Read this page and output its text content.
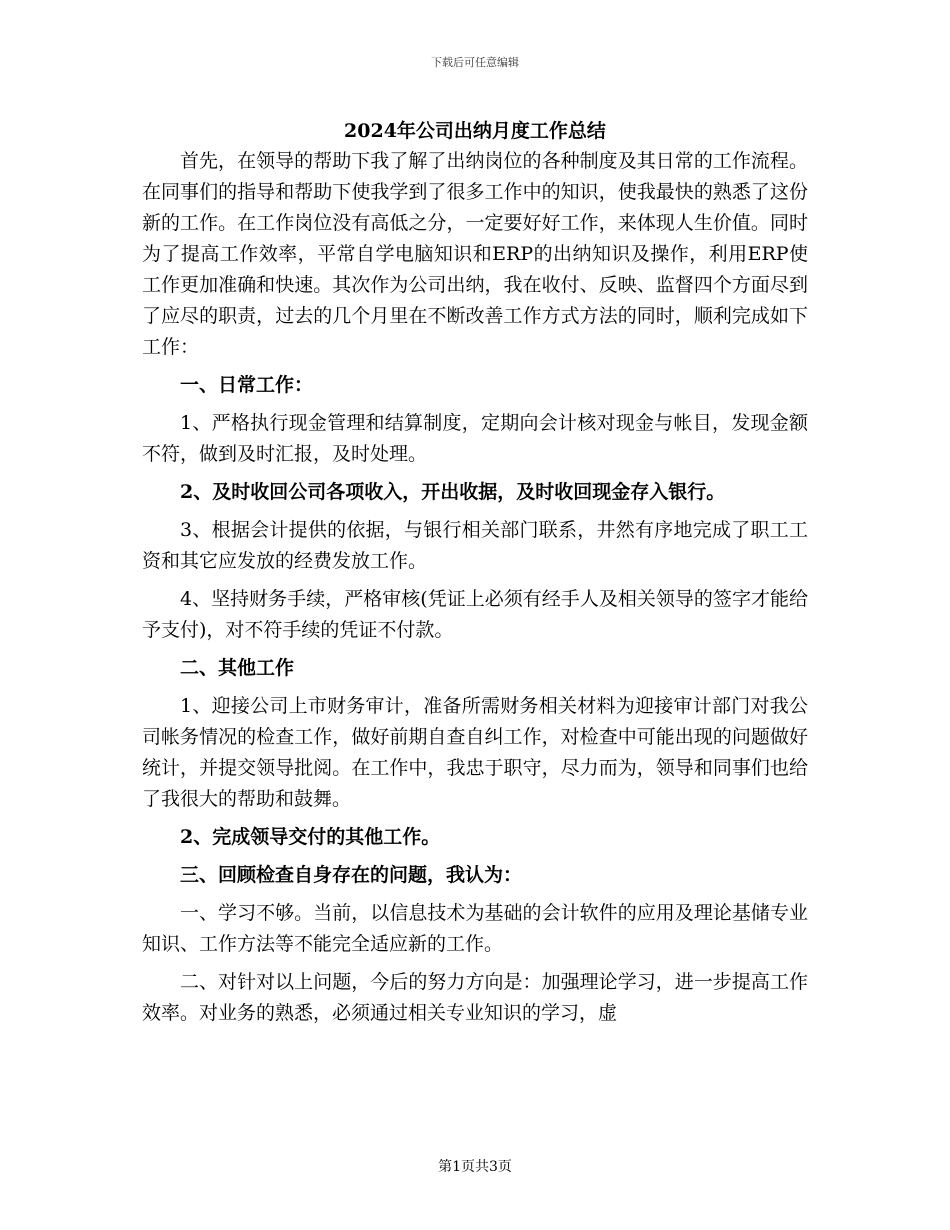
下载后可任意编辑
2024年公司出纳月度工作总结

首先，在领导的帮助下我了解了出纳岗位的各种制度及其日常的工作流程。在同事们的指导和帮助下使我学到了很多工作中的知识，使我最快的熟悉了这份新的工作。在工作岗位没有高低之分，一定要好好工作，来体现人生价值。同时为了提高工作效率，平常自学电脑知识和ERP的出纳知识及操作，利用ERP使工作更加准确和快速。其次作为公司出纳，我在收付、反映、监督四个方面尽到了应尽的职责，过去的几个月里在不断改善工作方式方法的同时，顺利完成如下工作：

一、日常工作：

1、严格执行现金管理和结算制度，定期向会计核对现金与帐目，发现金额不符，做到及时汇报，及时处理。

2、及时收回公司各项收入，开出收据，及时收回现金存入银行。

3、根据会计提供的依据，与银行相关部门联系，井然有序地完成了职工工资和其它应发放的经费发放工作。

4、坚持财务手续，严格审核(凭证上必须有经手人及相关领导的签字才能给予支付)，对不符手续的凭证不付款。

二、其他工作

1、迎接公司上市财务审计，准备所需财务相关材料为迎接审计部门对我公司帐务情况的检查工作，做好前期自查自纠工作，对检查中可能出现的问题做好统计，并提交领导批阅。在工作中，我忠于职守，尽力而为，领导和同事们也给了我很大的帮助和鼓舞。

2、完成领导交付的其他工作。

三、回顾检查自身存在的问题，我认为：

一、学习不够。当前，以信息技术为基础的会计软件的应用及理论基储专业知识、工作方法等不能完全适应新的工作。

二、对针对以上问题，今后的努力方向是：加强理论学习，进一步提高工作效率。对业务的熟悉，必须通过相关专业知识的学习，虚

第1页共3页
